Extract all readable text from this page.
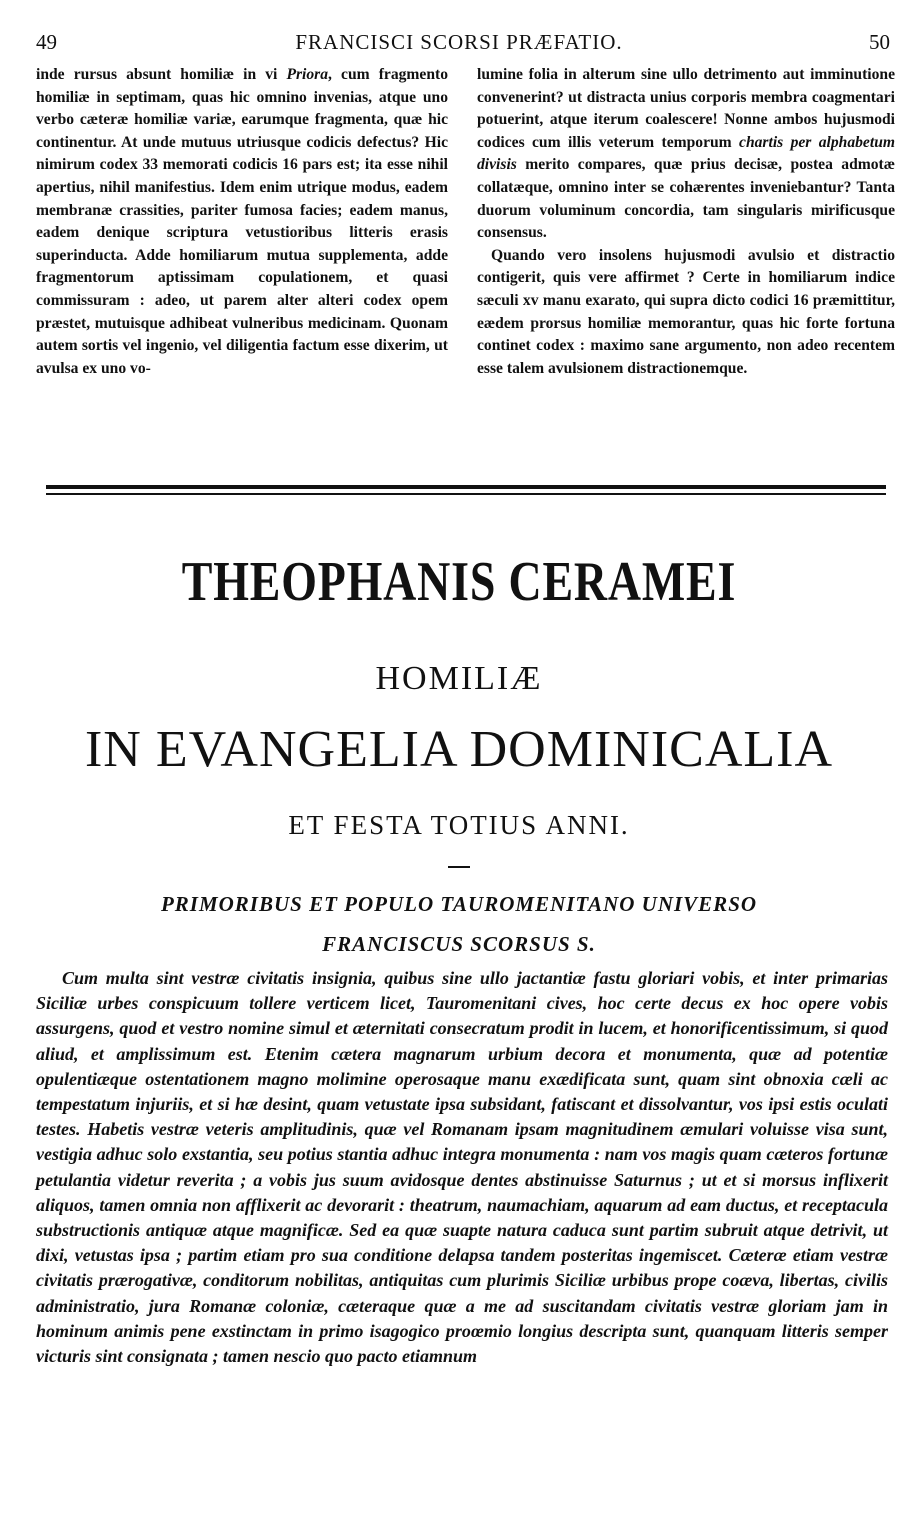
49	FRANCISCI SCORSI PRÆFATIO.	50

inde rursus absunt homiliæ in vi Priora, cum fragmento homiliæ in septimam, quas hic omnino invenias, atque uno verbo cæteræ homiliæ variæ, earumque fragmenta, quæ hic continentur. At unde mutuus utriusque codicis defectus? Hic nimirum codex 33 memorati codicis 16 pars est; ita esse nihil apertius, nihil manifestius. Idem enim utrique modus, eadem membranæ crassities, pariter fumosa facies; eadem manus, eadem denique scriptura vetustioribus litteris erasis superinducta. Adde homiliarum mutua supplementa, adde fragmentorum aptissimam copulationem, et quasi commissuram : adeo, ut parem alter alteri codex opem præstet, mutuisque adhibeat vulneribus medicinam. Quonam autem sortis vel ingenio, vel diligentia factum esse dixerim, ut avulsa ex uno vo-

lumine folia in alterum sine ullo detrimento aut imminutione convenerint? ut distracta unius corporis membra coagmentari potuerint, atque iterum coalescere! Nonne ambos hujusmodi codices cum illis veterum temporum chartis per alphabetum divisis merito compares, quæ prius decisæ, postea admotæ collatæque, omnino inter se cohærentes inveniebantur? Tanta duorum voluminum concordia, tam singularis mirificusque consensus.

Quando vero insolens hujusmodi avulsio et distractio contigerit, quis vere affirmet ? Certe in homiliarum indice sæculi xv manu exarato, qui supra dicto codici 16 præmittitur, eædem prorsus homiliæ memorantur, quas hic forte fortuna continet codex : maximo sane argumento, non adeo recentem esse talem avulsionem distractionemque.

THEOPHANIS CERAMEI
HOMILIÆ
IN EVANGELIA DOMINICALIA
ET FESTA TOTIUS ANNI.
PRIMORIBUS ET POPULO TAUROMENITANO UNIVERSO
FRANCISCUS SCORSUS S.

Cum multa sint vestræ civitatis insignia, quibus sine ullo jactantiæ fastu gloriari vobis, et inter primarias Siciliæ urbes conspicuum tollere verticem licet, Tauromenitani cives, hoc certe decus ex hoc opere vobis assurgens, quod et vestro nomine simul et æternitati consecratum prodit in lucem, et honorificentissimum, si quod aliud, et amplissimum est. Etenim cætera magnarum urbium decora et monumenta, quæ ad potentiæ opulentiæque ostentationem magno molimine operosaque manu exædificata sunt, quam sint obnoxia cæli ac tempestatum injuriis, et si hæ desint, quam vetustate ipsa subsidant, fatiscant et dissolvantur, vos ipsi estis oculati testes. Habetis vestræ veteris amplitudinis, quæ vel Romanam ipsam magnitudinem æmulari voluisse visa sunt, vestigia adhuc solo exstantia, seu potius stantia adhuc integra monumenta : nam vos magis quam cæteros fortunæ petulantia videtur reverita ; a vobis jus suum avidosque dentes abstinuisse Saturnus ; ut et si morsus inflixerit aliquos, tamen omnia non afflixerit ac devorarit : theatrum, naumachiam, aquarum ad eam ductus, et receptacula substructionis antiquæ atque magnificæ. Sed ea quæ suapte natura caduca sunt partim subruit atque detrivit, ut dixi, vetustas ipsa ; partim etiam pro sua conditione delapsa tandem posteritas ingemiscet. Cæteræ etiam vestræ civitatis prærogativæ, conditorum nobilitas, antiquitas cum plurimis Siciliæ urbibus prope coæva, libertas, civilis administratio, jura Romanæ coloniæ, cæteraque quæ a me ad suscitandam civitatis vestræ gloriam jam in hominum animis pene exstinctam in primo isagogico proœmio longius descripta sunt, quanquam litteris semper victuris sint consignata ; tamen nescio quo pacto etiamnum
